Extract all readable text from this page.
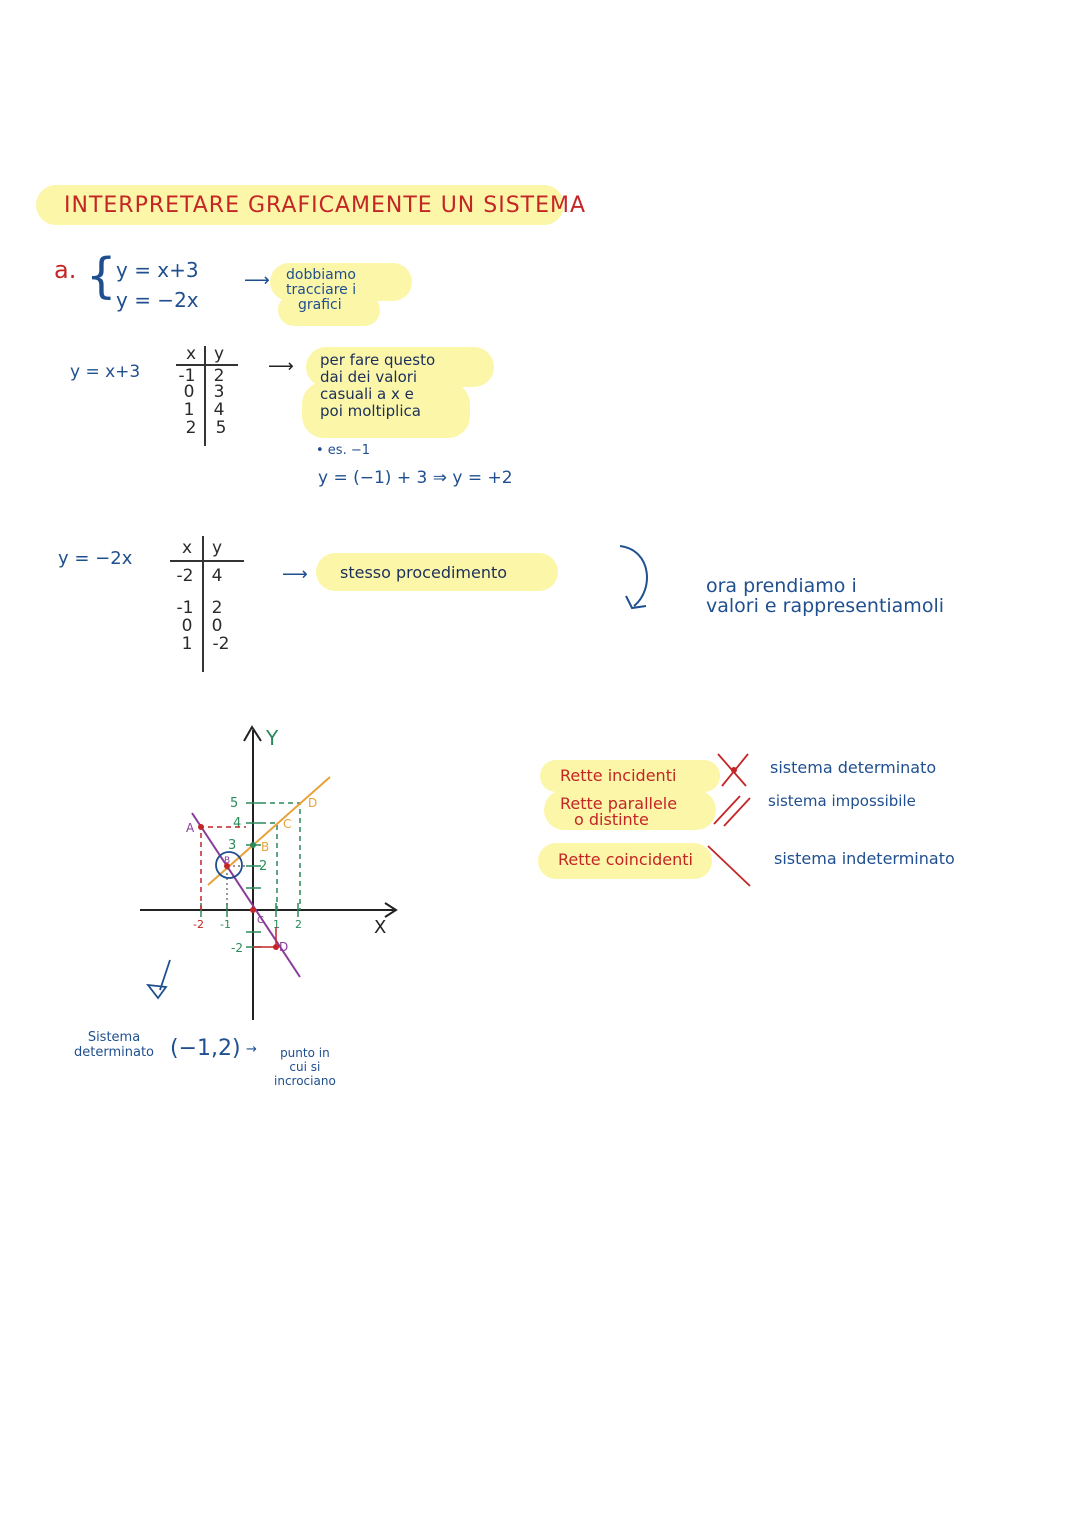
INTERPRETARE GRAFICAMENTE UN SISTEMA
a. { y = x+3
y = −2x
⟶ dobbiamo
tracciare i
grafici
y = x+3
x	y
-1	2
0	3
1	4
2	5
⟶ per fare questo
dai dei valori
casuali a x e
poi moltiplica
• es. −1
y = (−1) + 3 ⇒ y = +2
y = −2x	x	y
-2	4
-1	2
0	0
1	-2
⟶ stesso procedimento
ora prendiamo i
valori e rappresentiamoli
Y
X
5
4
3
2
-2
-2 -1	1 2
A
B
C
D
B
C
D
Sistema
determinato (−1,2) →	punto in
cui si
incrociano
Rette incidenti
Rette parallele
o distinte
Rette coincidenti
sistema determinato
sistema impossibile
sistema indeterminato
